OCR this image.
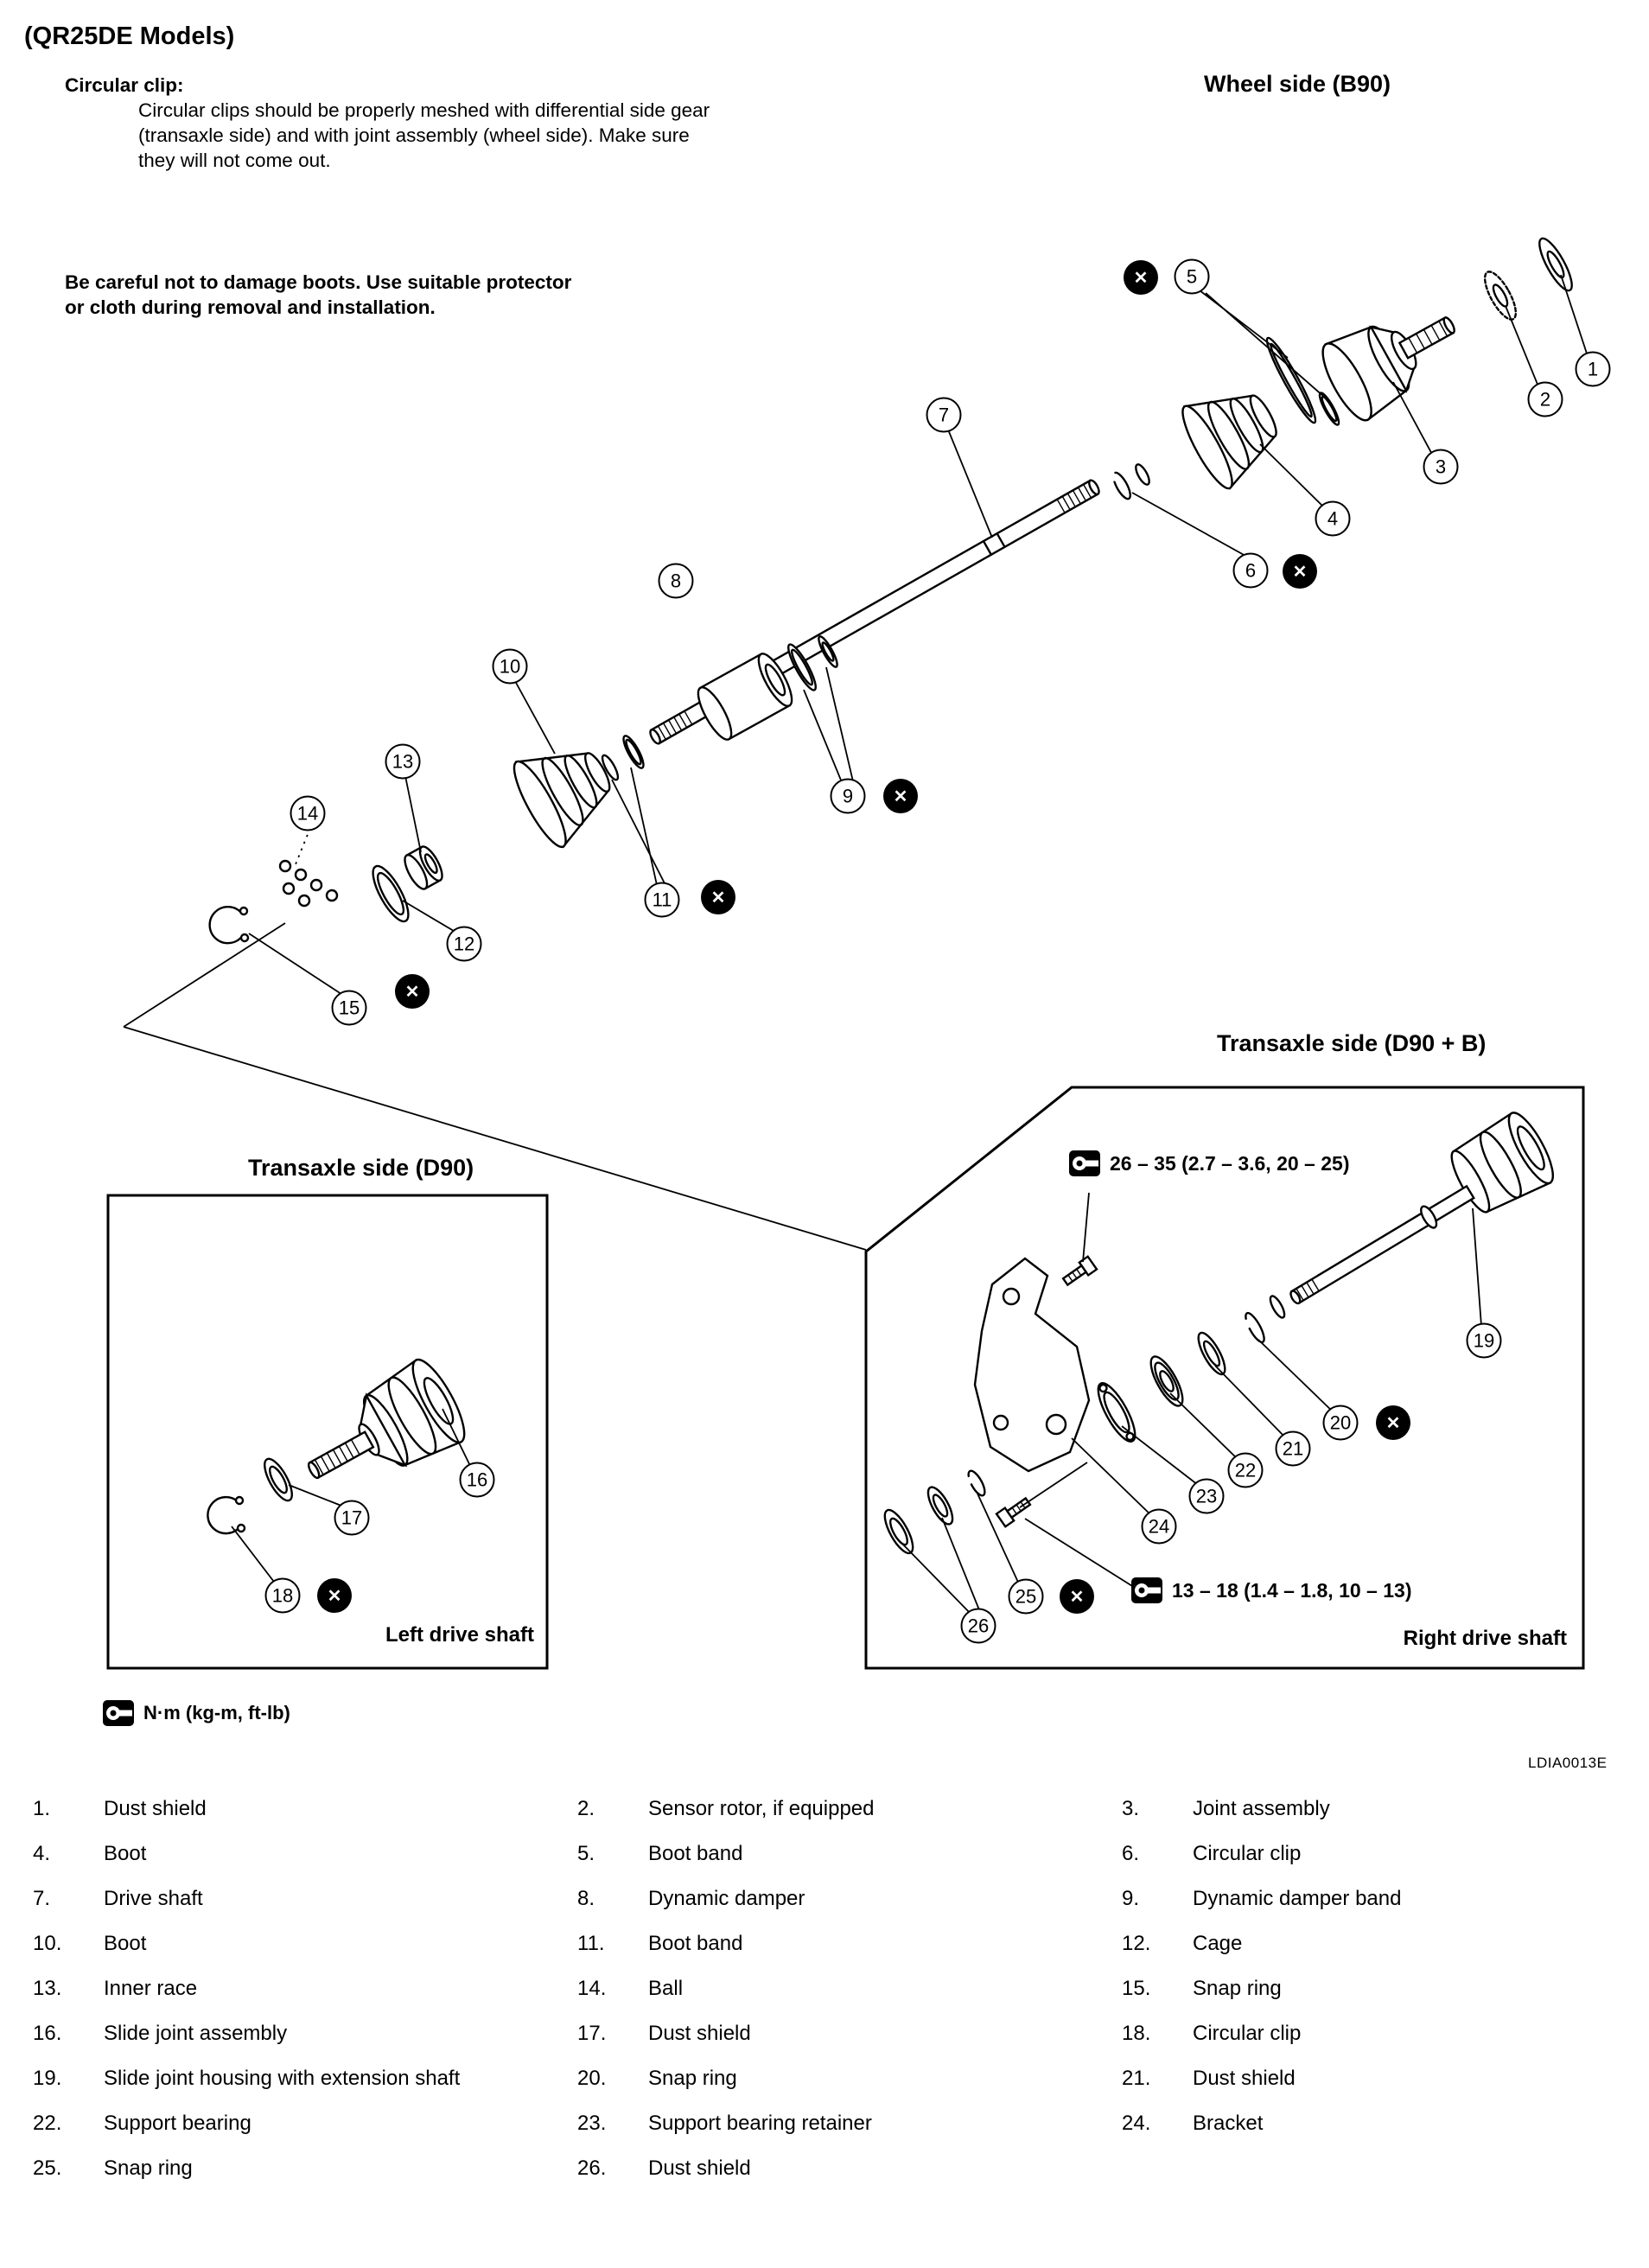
(QR25DE Models)
Circular clip:
Circular clips should be properly meshed with differential side gear
(transaxle side) and with joint assembly (wheel side). Make sure
they will not come out.
Be careful not to damage boots. Use suitable protector
or cloth during removal and installation.
Wheel side (B90)
Transaxle side (D90 + B)
Transaxle side (D90)
Left drive shaft	Right drive shaft
26 – 35 (2.7 – 3.6, 20 – 25)
13 – 18 (1.4 – 1.8, 10 – 13)
N·m (kg-m, ft-lb)
LDIA0013E
1
2
3
4
5
6
7
8
9
10
11
12
13
14
15
16
17
18
19
20
21
22
23
24
25
26
✕
✕
✕
✕
✕
✕
✕
✕
1.	Dust shield	2.	Sensor rotor, if equipped	3.	Joint assembly
4.	Boot	5.	Boot band	6.	Circular clip
7.	Drive shaft	8.	Dynamic damper	9.	Dynamic damper band
10.	Boot	11.	Boot band	12.	Cage
13.	Inner race	14.	Ball	15.	Snap ring
16.	Slide joint assembly	17.	Dust shield	18.	Circular clip
19.	Slide joint housing with extension shaft	20.	Snap ring	21.	Dust shield
22.	Support bearing	23.	Support bearing retainer	24.	Bracket
25.	Snap ring	26.	Dust shield
